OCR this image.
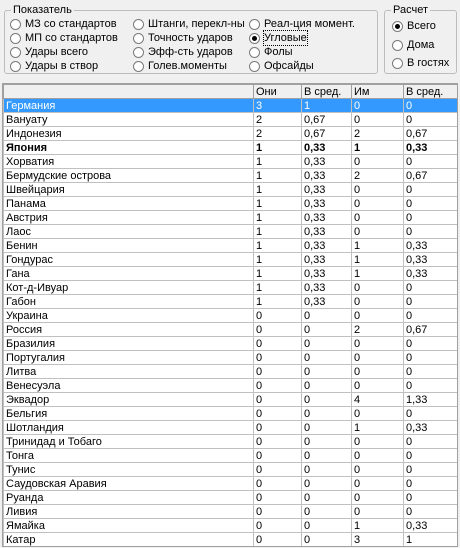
Показатель
МЗ со стандартов
МП со стандартов
Удары всего
Удары в створ
Штанги, перекл-ны
Точность ударов
Эфф-сть ударов
Голев.моменты
Реал-ция момент.
Угловые
Фолы
Офсайды
Расчет
Всего
Дома
В гостях
	Они	В сред.	Им	В сред.
Германия	3	1	0	0
Вануату	2	0,67	0	0
Индонезия	2	0,67	2	0,67
Япония	1	0,33	1	0,33
Хорватия	1	0,33	0	0
Бермудские острова	1	0,33	2	0,67
Швейцария	1	0,33	0	0
Панама	1	0,33	0	0
Австрия	1	0,33	0	0
Лаос	1	0,33	0	0
Бенин	1	0,33	1	0,33
Гондурас	1	0,33	1	0,33
Гана	1	0,33	1	0,33
Кот-д-Ивуар	1	0,33	0	0
Габон	1	0,33	0	0
Украина	0	0	0	0
Россия	0	0	2	0,67
Бразилия	0	0	0	0
Португалия	0	0	0	0
Литва	0	0	0	0
Венесуэла	0	0	0	0
Эквадор	0	0	4	1,33
Бельгия	0	0	0	0
Шотландия	0	0	1	0,33
Тринидад и Тобаго	0	0	0	0
Тонга	0	0	0	0
Тунис	0	0	0	0
Саудовская Аравия	0	0	0	0
Руанда	0	0	0	0
Ливия	0	0	0	0
Ямайка	0	0	1	0,33
Катар	0	0	3	1
